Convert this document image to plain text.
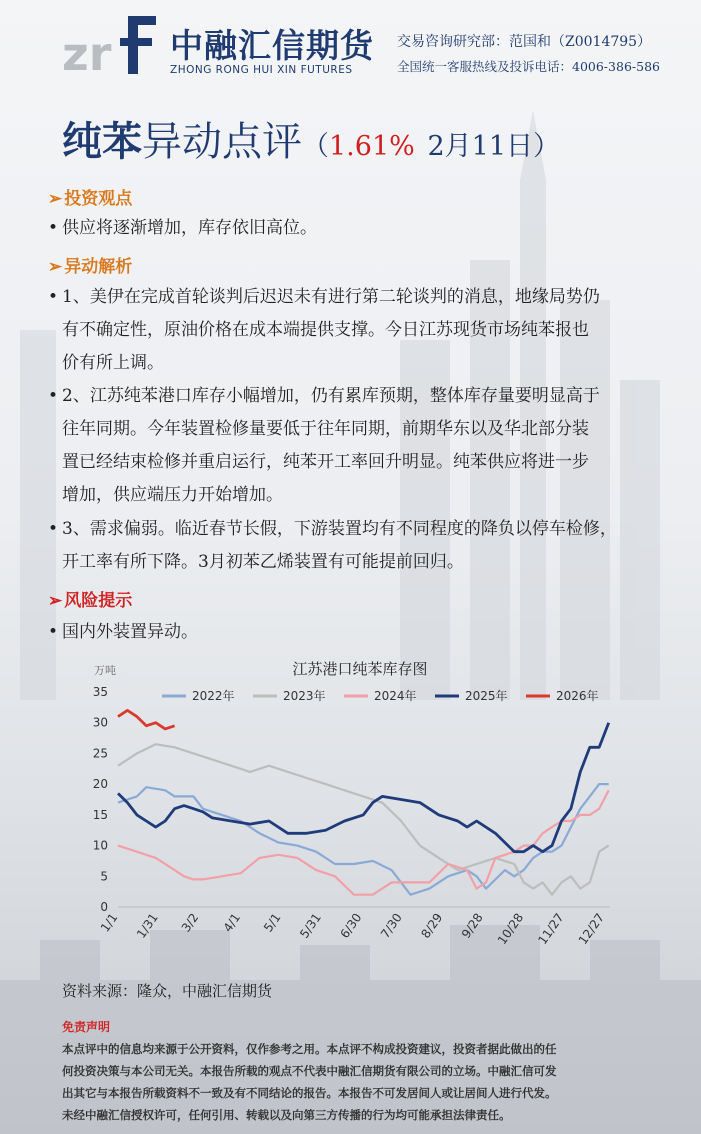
zr 中融汇信期货
ZHONG RONG HUI XIN FUTURES
交易咨询研究部：范国和（Z0014795）
全国统一客服热线及投诉电话：4006-386-586
纯苯异动点评（1.61% 2月11日）
➢ 投资观点
• 供应将逐渐增加，库存依旧高位。
➢ 异动解析
• 1、美伊在完成首轮谈判后迟迟未有进行第二轮谈判的消息，地缘局势仍
有不确定性，原油价格在成本端提供支撑。今日江苏现货市场纯苯报也
价有所上调。
• 2、江苏纯苯港口库存小幅增加，仍有累库预期，整体库存量要明显高于
往年同期。今年装置检修量要低于往年同期，前期华东以及华北部分装
置已经结束检修并重启运行，纯苯开工率回升明显。纯苯供应将进一步
增加，供应端压力开始增加。
• 3、需求偏弱。临近春节长假，下游装置均有不同程度的降负以停车检修，
开工率有所下降。3月初苯乙烯装置有可能提前回归。
➢ 风险提示
• 国内外装置异动。
江苏港口纯苯库存图
万吨
0
5
10
15
20
25
30
35
1/1 1/31 3/2 4/1 5/1 5/31 6/30 7/30 8/29 9/28 10/28 11/27 12/27
2022年	2023年	2024年	2025年	2026年
资料来源：隆众，中融汇信期货
免责声明
本点评中的信息均来源于公开资料，仅作参考之用。本点评不构成投资建议，投资者据此做出的任
何投资决策与本公司无关。本报告所载的观点不代表中融汇信期货有限公司的立场。中融汇信可发
出其它与本报告所载资料不一致及有不同结论的报告。本报告不可发居间人或让居间人进行代发。
未经中融汇信授权许可，任何引用、转载以及向第三方传播的行为均可能承担法律责任。
